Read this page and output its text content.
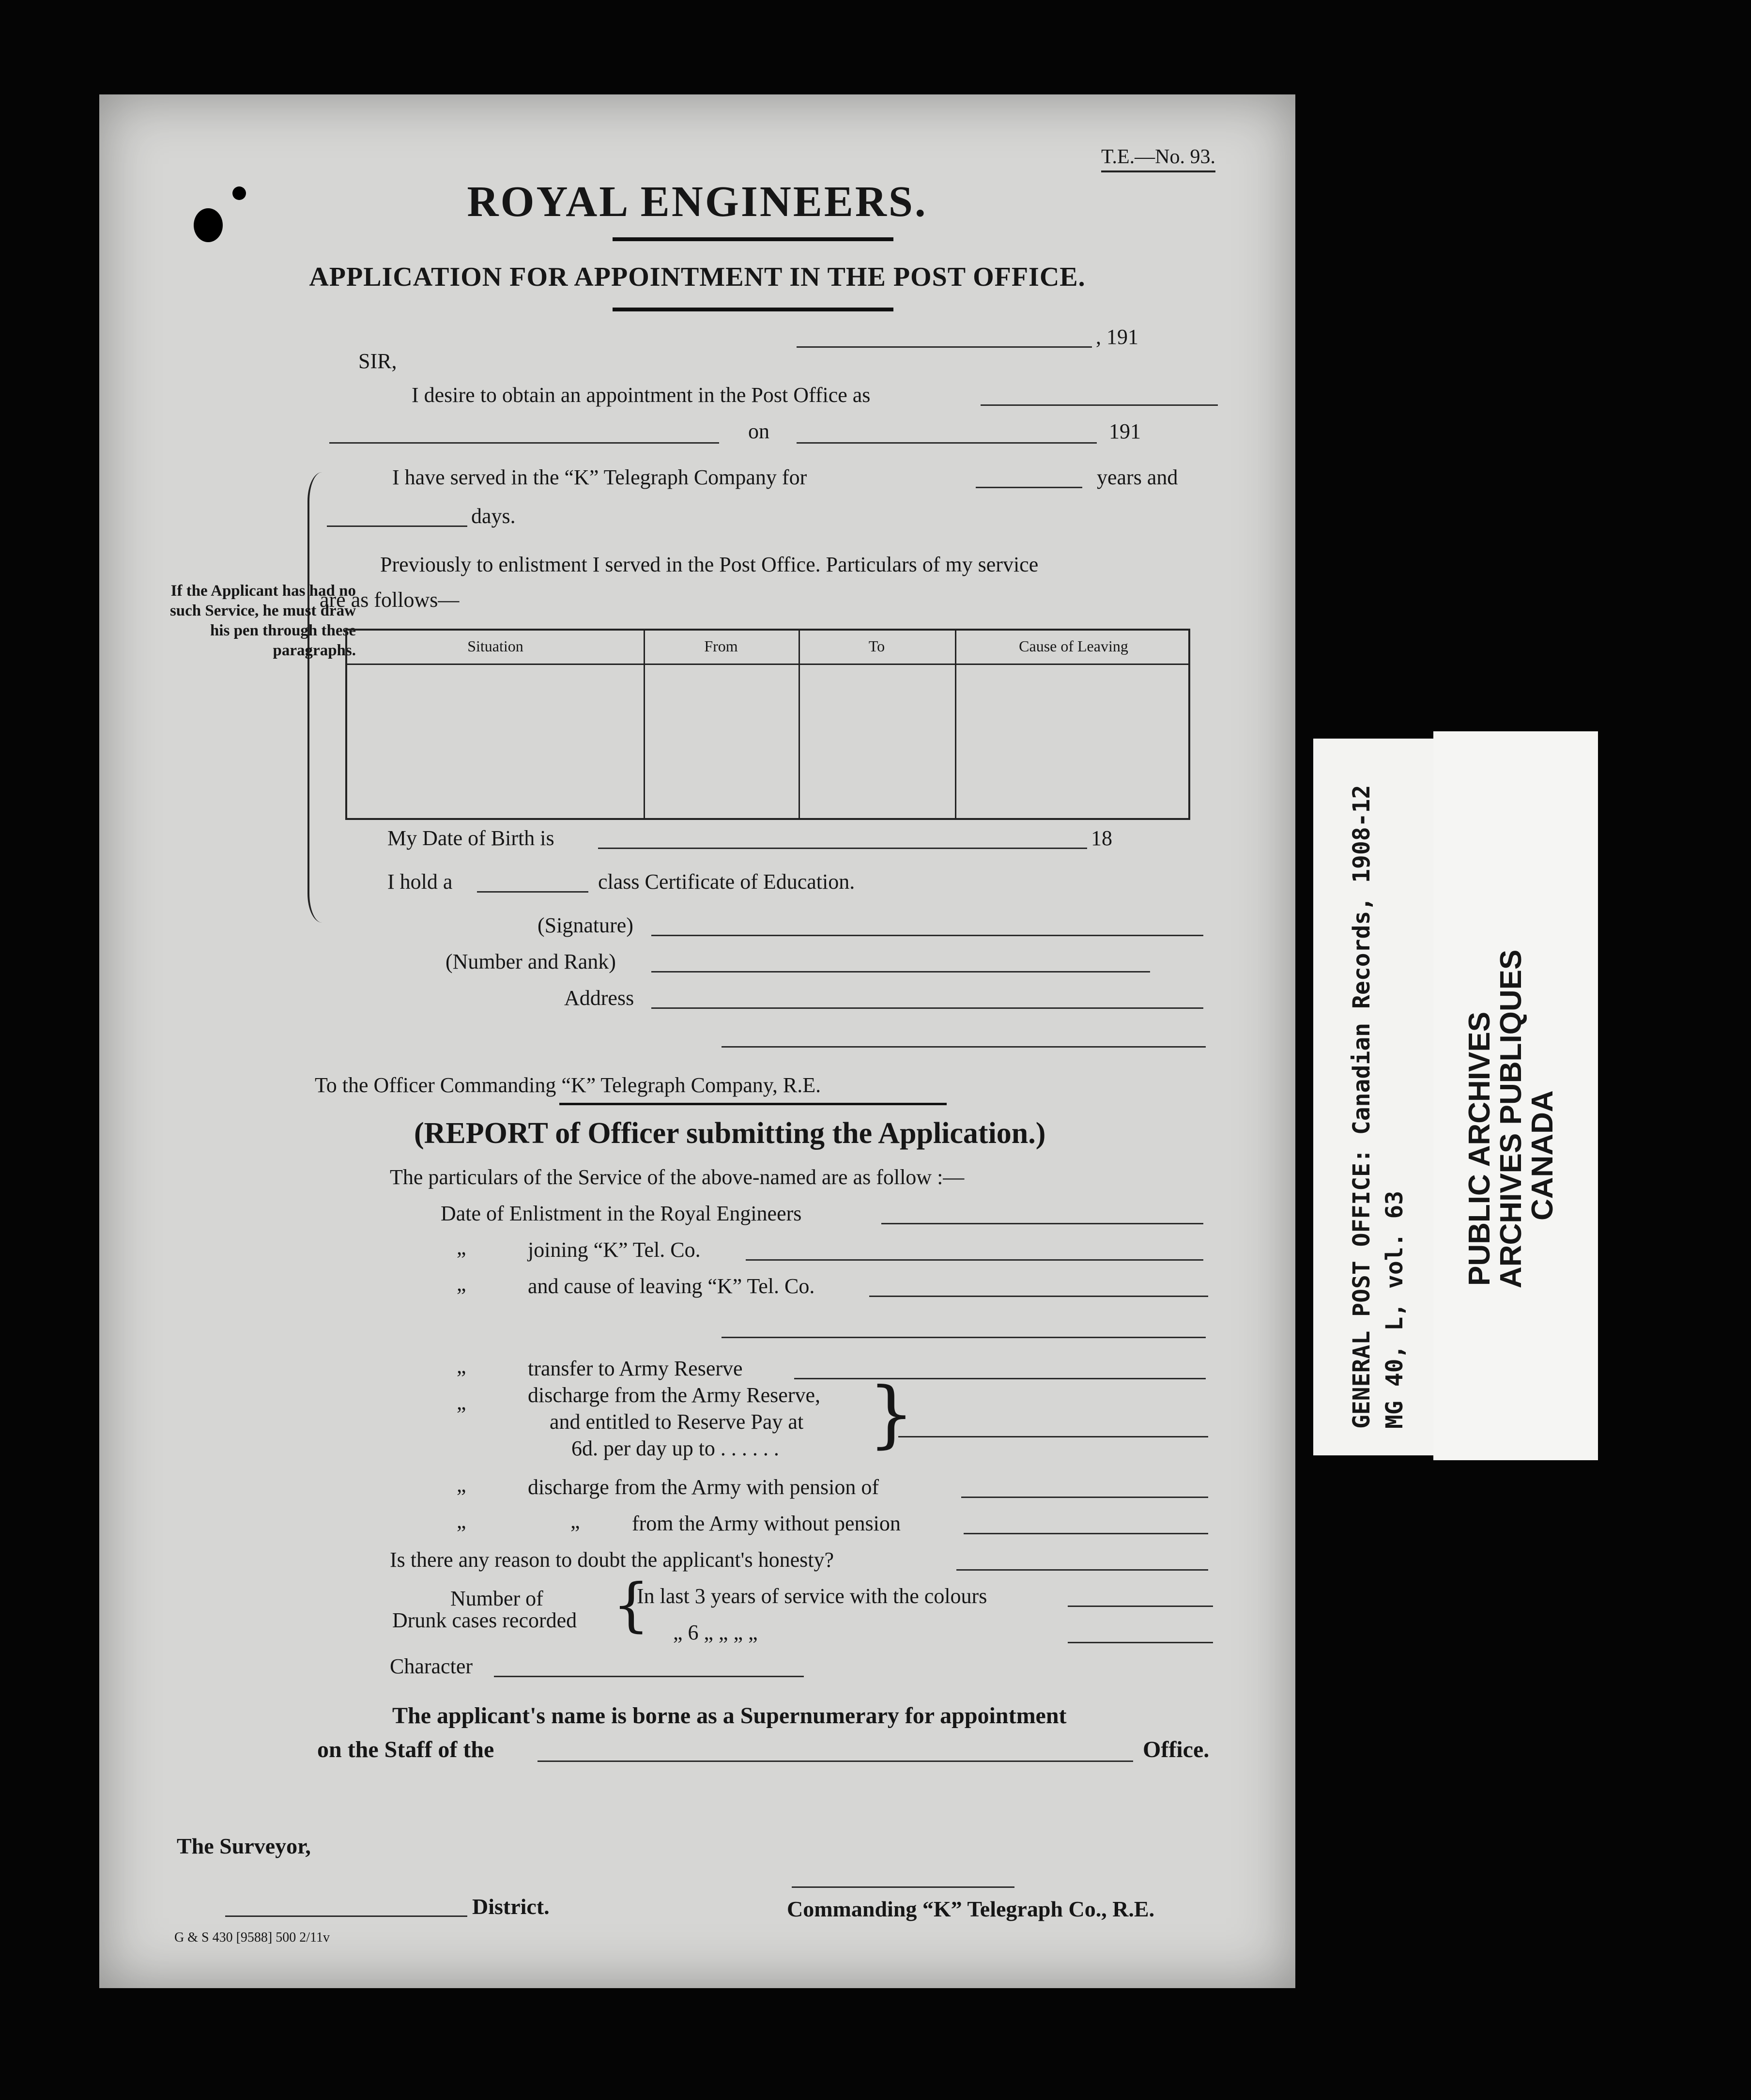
T.E.—No. 93.
ROYAL ENGINEERS.
APPLICATION FOR APPOINTMENT IN THE POST OFFICE.
, 191
SIR,
I desire to obtain an appointment in the Post Office as
on	191
If the Applicant has had no such Service, he must draw his pen through these paragraphs.
I have served in the “K” Telegraph Company for	years and
days.
Previously to enlistment I served in the Post Office. Particulars of my service
are as follows—
Situation	From	To	Cause of Leaving
My Date of Birth is	18
I hold a	class Certificate of Education.
(Signature)
(Number and Rank)
Address
To the Officer Commanding “K” Telegraph Company, R.E.
(REPORT of Officer submitting the Application.)
The particulars of the Service of the above-named are as follow :—
Date of Enlistment in the Royal Engineers
„	joining “K” Tel. Co.
„	and cause of leaving “K” Tel. Co.
„	transfer to Army Reserve
„	discharge from the Army Reserve,
and entitled to Reserve Pay at
6d. per day up to . . . . . . }
„	discharge from the Army with pension of
„	„ from the Army without pension
Is there any reason to doubt the applicant's honesty?
Number of
Drunk cases recorded {
In last 3 years of service with the colours
„ 6 „ „ „ „
Character
The applicant's name is borne as a Supernumerary for appointment
on the Staff of the	Office.
The Surveyor,
District.	Commanding “K” Telegraph Co., R.E.
G & S 430 [9588] 500 2/11v
GENERAL POST OFFICE: Canadian Records, 1908-12 MG 40, L, vol. 63
PUBLIC ARCHIVES
ARCHIVES PUBLIQUES
CANADA
